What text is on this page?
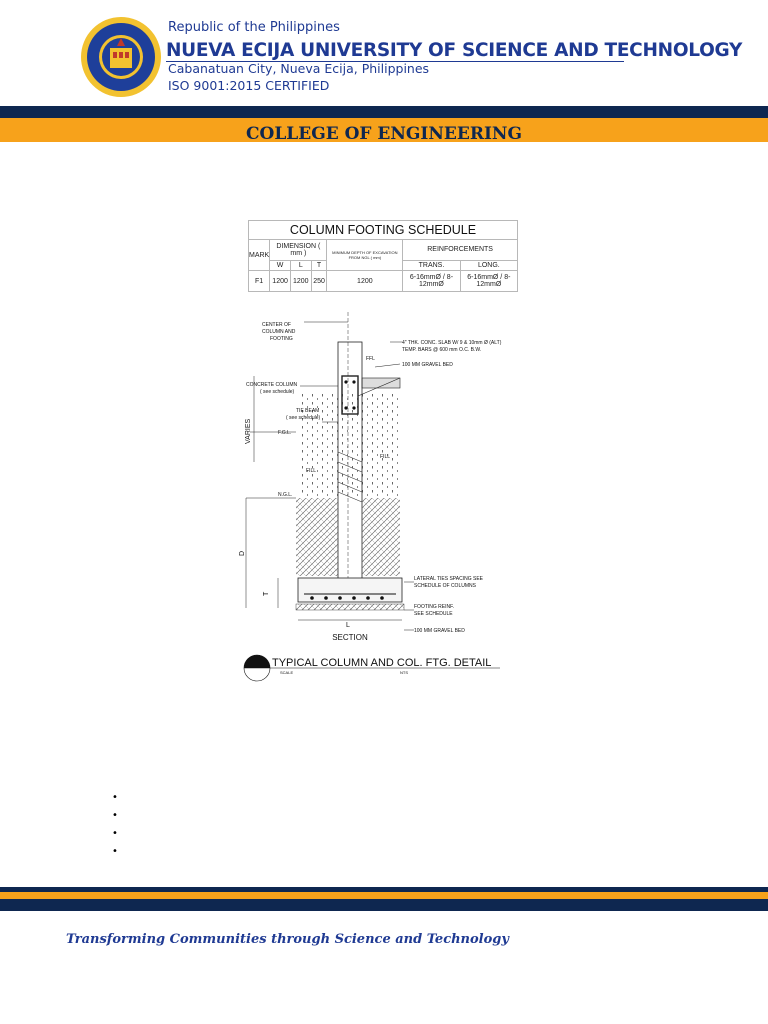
Republic of the Philippines
NUEVA ECIJA UNIVERSITY OF SCIENCE AND TECHNOLOGY
Cabanatuan City, Nueva Ecija, Philippines
ISO 9001:2015 CERTIFIED
COLLEGE OF ENGINEERING
COLUMN FOOTING SCHEDULE						
MARK	DIMENSION ( mm )			MINIMUM DEPTH OF EXCAVATION FROM NGL ( mm)	REINFORCEMENTS	
	W	L	T		TRANS.	LONG.
F1	1200	1200	250	1200	6-16mmØ / 8-12mmØ	6-16mmØ / 8-12mmØ
CENTER OF
COLUMN AND
FOOTING
4" THK. CONC. SLAB W/ 9 & 10mm Ø (ALT)
TEMP. BARS @ 600 mm O.C. B.W.
FFL
100 MM GRAVEL BED
CONCRETE COLUMN
( see schedule)
TIE BEAM
( see schedule)
F.G.L.
FILL
FILL
N.G.L.
LATERAL TIES SPACING SEE
SCHEDULE OF COLUMNS
FOOTING REINF.
SEE SCHEDULE
100 MM GRAVEL BED
VARIES
D
T
L
SECTION
TYPICAL COLUMN AND COL. FTG. DETAIL
SCALE	NTS
•
•
•
•
Transforming Communities through Science and Technology
